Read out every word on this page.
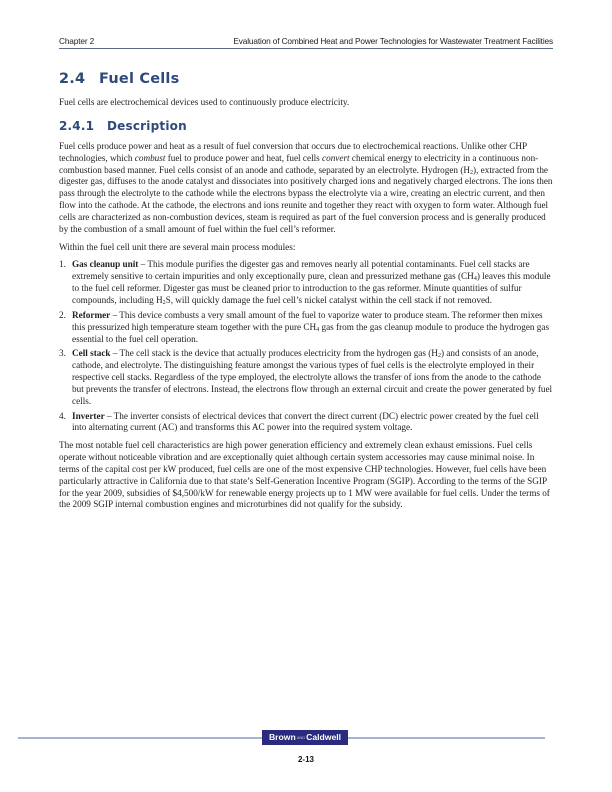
Chapter 2	Evaluation of Combined Heat and Power Technologies for Wastewater Treatment Facilities
2.4 Fuel Cells

Fuel cells are electrochemical devices used to continuously produce electricity.

2.4.1 Description

Fuel cells produce power and heat as a result of fuel conversion that occurs due to electrochemical reactions. Unlike other CHP technologies, which combust fuel to produce power and heat, fuel cells convert chemical energy to electricity in a continuous non-combustion based manner. Fuel cells consist of an anode and cathode, separated by an electrolyte. Hydrogen $(H_2)$, extracted from the digester gas, diffuses to the anode catalyst and dissociates into positively charged ions and negatively charged electrons. The ions then pass through the electrolyte to the cathode while the electrons bypass the electrolyte via a wire, creating an electric current, and then flow into the cathode. At the cathode, the electrons and ions reunite and together they react with oxygen to form water. Although fuel cells are characterized as non-combustion devices, steam is required as part of the fuel conversion process and is generally produced by the combustion of a small amount of fuel within the fuel cell’s reformer.

Within the fuel cell unit there are several main process modules:

1. Gas cleanup unit – This module purifies the digester gas and removes nearly all potential contaminants. Fuel cell stacks are extremely sensitive to certain impurities and only exceptionally pure, clean and pressurized methane gas $(CH_4)$ leaves this module to the fuel cell reformer. Digester gas must be cleaned prior to introduction to the gas reformer. Minute quantities of sulfur compounds, including $H_2S$, will quickly damage the fuel cell’s nickel catalyst within the cell stack if not removed.
2. Reformer – This device combusts a very small amount of the fuel to vaporize water to produce steam. The reformer then mixes this pressurized high temperature steam together with the pure $CH_4$ gas from the gas cleanup module to produce the hydrogen gas essential to the fuel cell operation.
3. Cell stack – The cell stack is the device that actually produces electricity from the hydrogen gas $(H_2)$ and consists of an anode, cathode, and electrolyte. The distinguishing feature amongst the various types of fuel cells is the electrolyte employed in their respective cell stacks. Regardless of the type employed, the electrolyte allows the transfer of ions from the anode to the cathode but prevents the transfer of electrons. Instead, the electrons flow through an external circuit and create the power generated by fuel cells.
4. Inverter – The inverter consists of electrical devices that convert the direct current (DC) electric power created by the fuel cell into alternating current (AC) and transforms this AC power into the required system voltage.

The most notable fuel cell characteristics are high power generation efficiency and extremely clean exhaust emissions. Fuel cells operate without noticeable vibration and are exceptionally quiet although certain system accessories may cause minimal noise. In terms of the capital cost per kW produced, fuel cells are one of the most expensive CHP technologies. However, fuel cells have been particularly attractive in California due to that state’s Self-Generation Incentive Program (SGIP). According to the terms of the SGIP for the year 2009, subsidies of $4,500/kW for renewable energy projects up to 1 MW were available for fuel cells. Under the terms of the 2009 SGIP internal combustion engines and microturbines did not qualify for the subsidy.

BrownANDCaldwell
2-13
